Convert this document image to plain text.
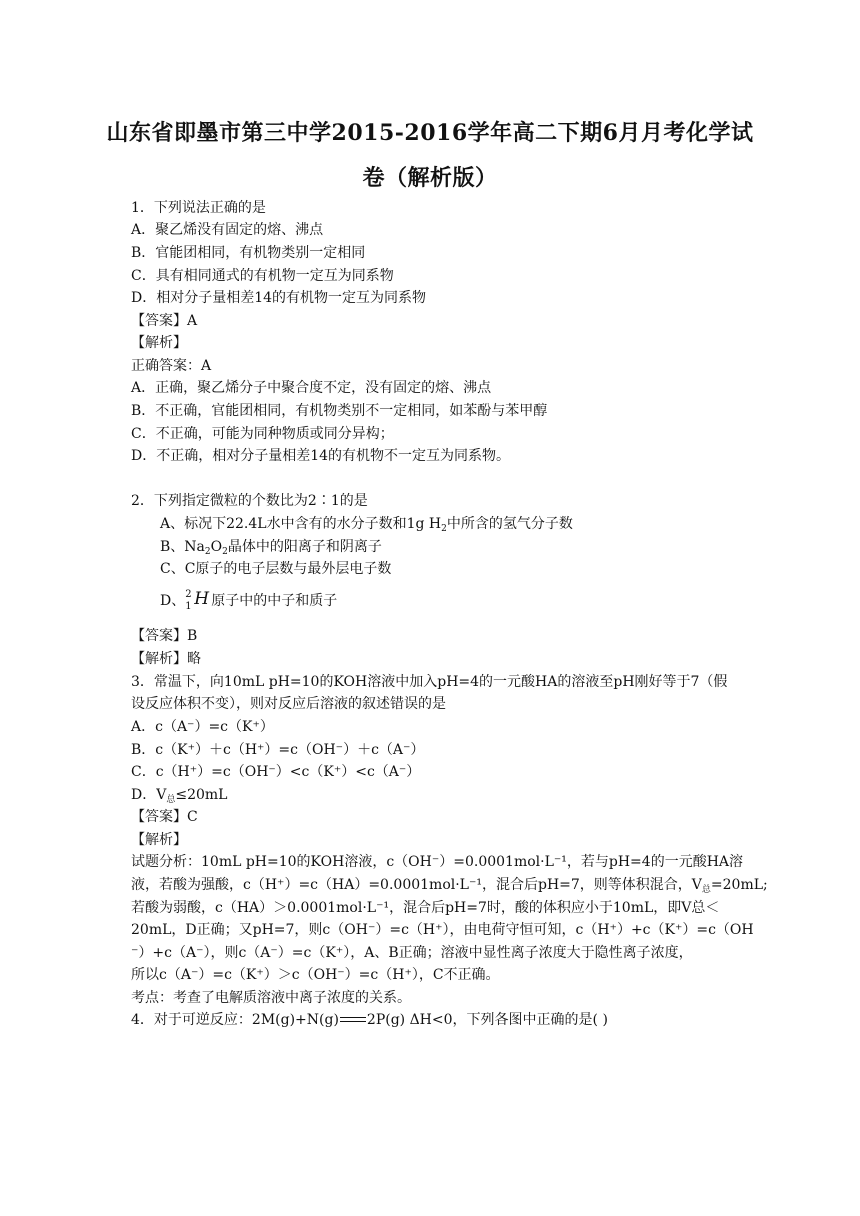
山东省即墨市第三中学2015-2016学年高二下期6月月考化学试
卷（解析版）
1．下列说法正确的是
A．聚乙烯没有固定的熔、沸点
B．官能团相同，有机物类别一定相同
C．具有相同通式的有机物一定互为同系物
D．相对分子量相差14的有机物一定互为同系物
【答案】A
【解析】
正确答案：A
A．正确，聚乙烯分子中聚合度不定，没有固定的熔、沸点
B．不正确，官能团相同，有机物类别不一定相同，如苯酚与苯甲醇
C．不正确，可能为同种物质或同分异构；
D．不正确，相对分子量相差14的有机物不一定互为同系物。
2．下列指定微粒的个数比为2∶1的是
A、标况下22.4L水中含有的水分子数和1g $H_2$中所含的氢气分子数
B、$Na_2O_2$晶体中的阳离子和阴离子
C、C原子的电子层数与最外层电子数
D、 2
1 H 原子中的中子和质子
【答案】B
【解析】略
3．常温下，向10mL pH=10的KOH溶液中加入pH=4的一元酸HA的溶液至pH刚好等于7（假
设反应体积不变），则对反应后溶液的叙述错误的是
A．c（A⁻）=c（K⁺）
B．c（K⁺）＋c（H⁺）=c（OH⁻）＋c（A⁻）
C．c（H⁺）=c（OH⁻）<c（K⁺）<c（A⁻）
D．$V_总\le 20mL$
【答案】C
【解析】
试题分析：10mL pH=10的KOH溶液，c（OH⁻）=0.0001mol·L⁻¹，若与pH=4的一元酸HA溶
液，若酸为强酸，c（H⁺）=c（HA）=0.0001mol·L⁻¹，混合后pH=7，则等体积混合，$V_总=20mL$;
若酸为弱酸，c（HA）＞0.0001mol·L⁻¹，混合后pH=7时，酸的体积应小于10mL，即V总＜
20mL，D正确；又pH=7，则c（OH⁻）=c（H⁺），由电荷守恒可知，c（H⁺）+c（K⁺）=c（OH
⁻）+c（A⁻），则c（A⁻）=c（K⁺），A、B正确；溶液中显性离子浓度大于隐性离子浓度，
所以c（A⁻）=c（K⁺）＞c（OH⁻）=c（H⁺），C不正确。
考点：考查了电解质溶液中离子浓度的关系。
4．对于可逆反应：2M(g)+N(g) 2P(g) ΔH<0，下列各图中正确的是( )
